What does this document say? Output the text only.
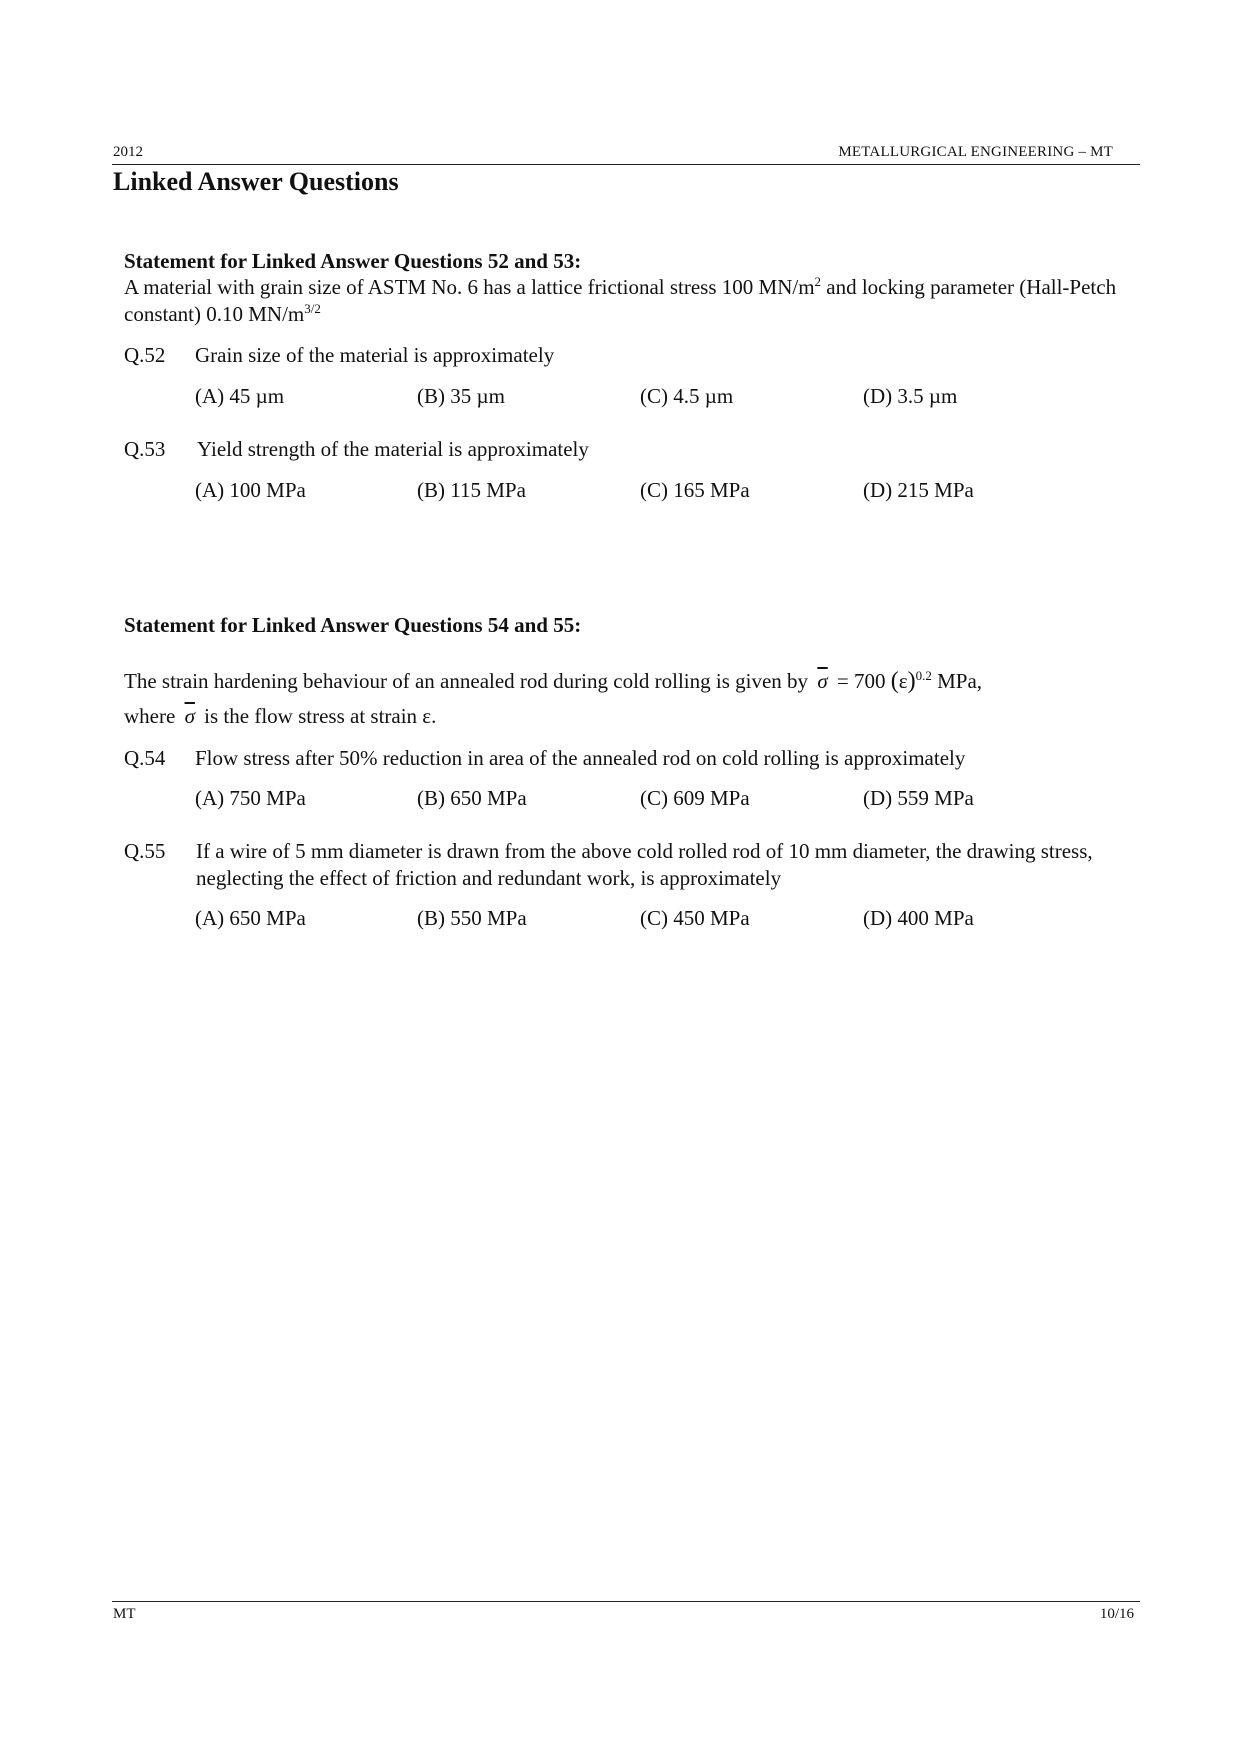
2012	METALLURGICAL ENGINEERING – MT
Linked Answer Questions
Statement for Linked Answer Questions 52 and 53:
A material with grain size of ASTM No. 6 has a lattice frictional stress 100 $MN/m^2$ and locking parameter (Hall-Petch constant) 0.10 $MN/m^{3/2}$
Q.52 Grain size of the material is approximately
(A) 45 µm	(B) 35 µm	(C) 4.5 µm	(D) 3.5 µm
Q.53 Yield strength of the material is approximately
(A) 100 MPa	(B) 115 MPa	(C) 165 MPa	(D) 215 MPa
Statement for Linked Answer Questions 54 and 55:
The strain hardening behaviour of an annealed rod during cold rolling is given by $\overline{\sigma} = 700$ $(\varepsilon)^{0.2}$ MPa,
where $\overline{\sigma}$ is the flow stress at strain ε.
Q.54 Flow stress after 50% reduction in area of the annealed rod on cold rolling is approximately
(A) 750 MPa	(B) 650 MPa	(C) 609 MPa	(D) 559 MPa
Q.55 If a wire of 5 mm diameter is drawn from the above cold rolled rod of 10 mm diameter, the drawing stress, neglecting the effect of friction and redundant work, is approximately
(A) 650 MPa	(B) 550 MPa	(C) 450 MPa	(D) 400 MPa
MT	10/16
